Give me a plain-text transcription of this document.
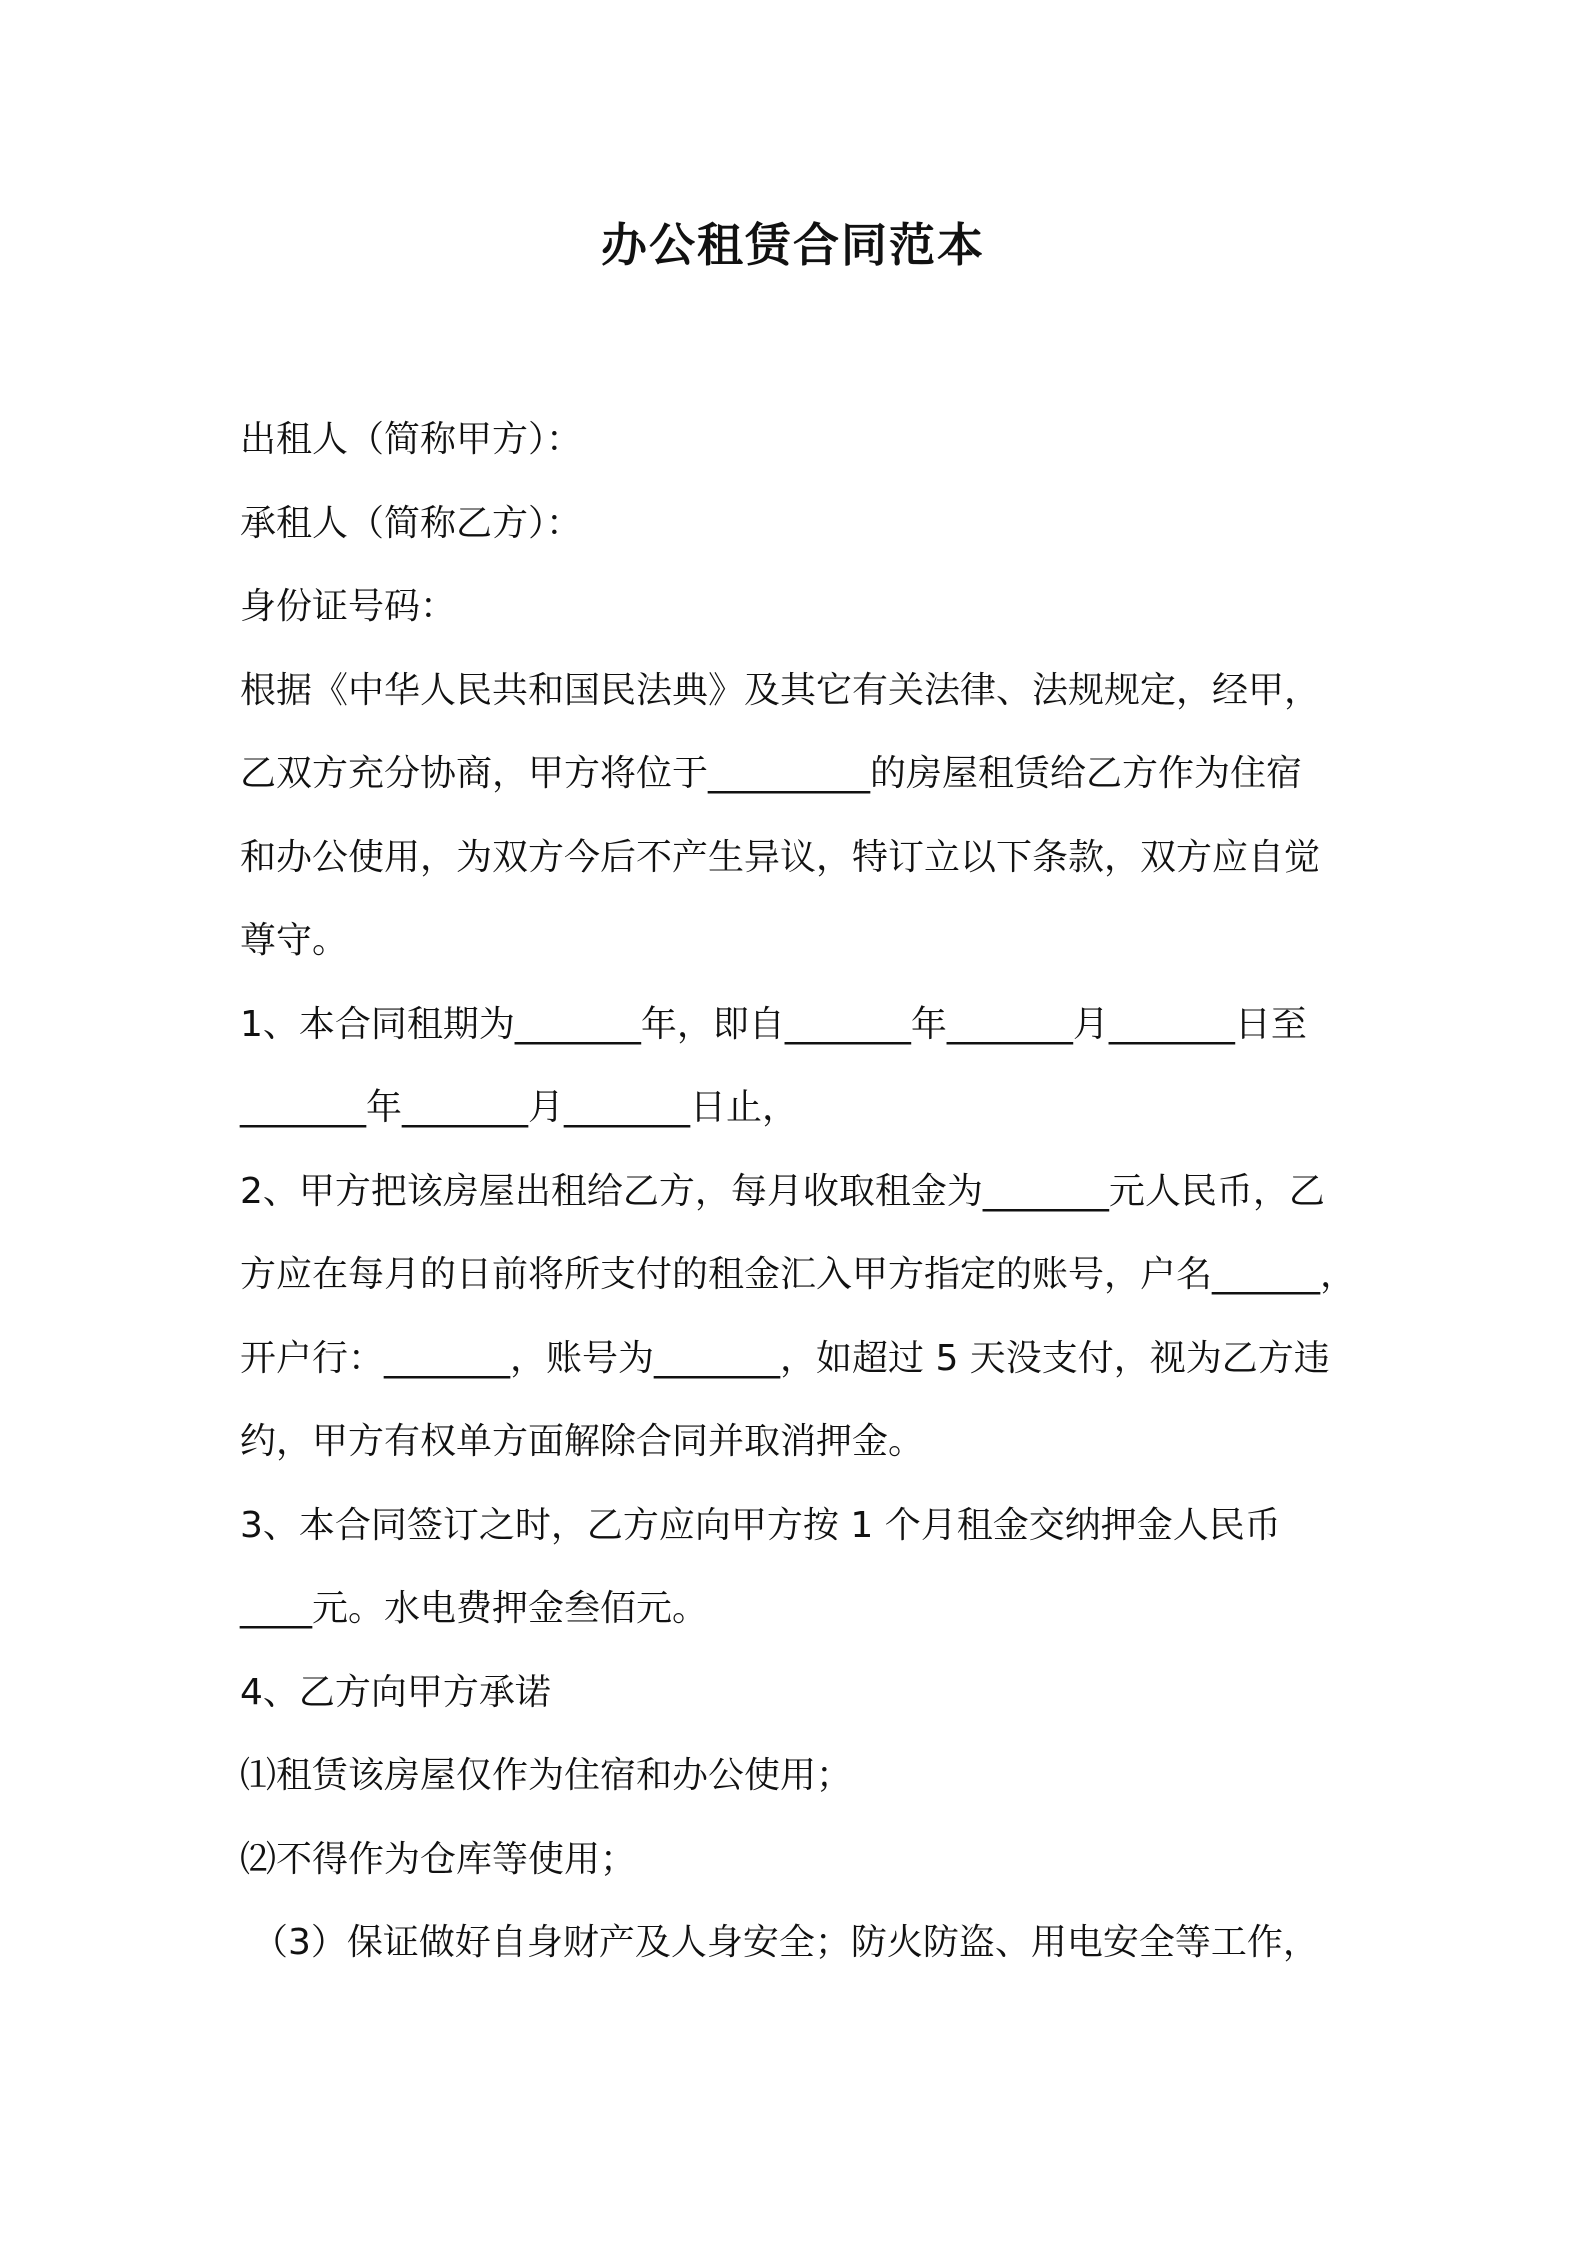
办公租赁合同范本
出租人（简称甲方）：
承租人（简称乙方）：
身份证号码：
根据《中华人民共和国民法典》及其它有关法律、法规规定，经甲，
乙双方充分协商，甲方将位于_________的房屋租赁给乙方作为住宿
和办公使用，为双方今后不产生异议，特订立以下条款，双方应自觉
尊守。
1、本合同租期为_______年，即自_______年_______月_______日至
_______年_______月_______日止，
2、甲方把该房屋出租给乙方，每月收取租金为_______元人民币，乙
方应在每月的日前将所支付的租金汇入甲方指定的账号，户名______，
开户行：_______，账号为_______，如超过 5 天没支付，视为乙方违
约，甲方有权单方面解除合同并取消押金。
3、本合同签订之时，乙方应向甲方按 1 个月租金交纳押金人民币
____元。水电费押金叁佰元。
4、乙方向甲方承诺
⑴租赁该房屋仅作为住宿和办公使用；
⑵不得作为仓库等使用；
（3）保证做好自身财产及人身安全；防火防盗、用电安全等工作，
